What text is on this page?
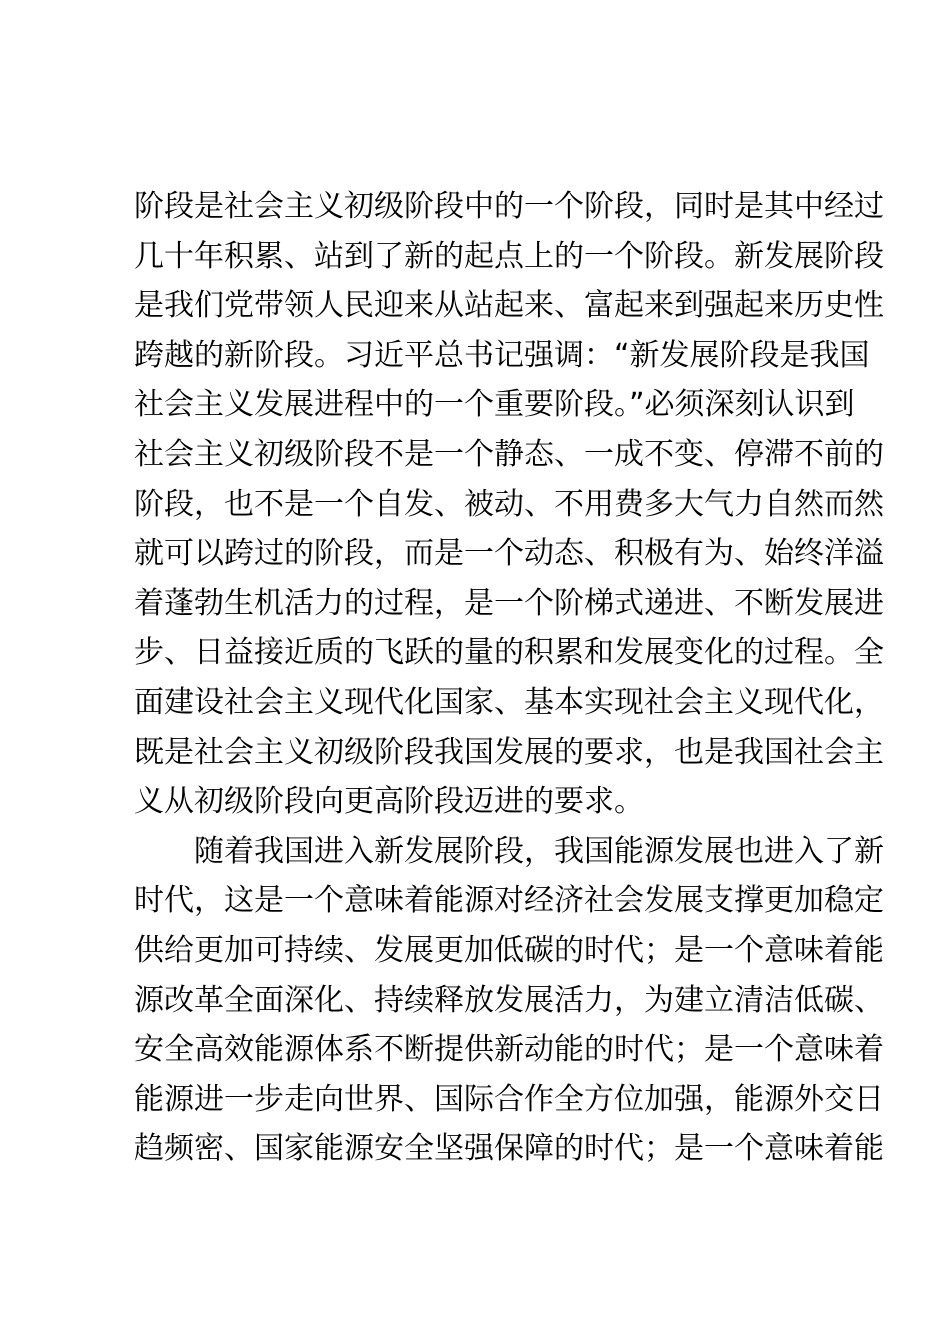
阶段是社会主义初级阶段中的一个阶段，同时是其中经过
几十年积累、站到了新的起点上的一个阶段。新发展阶段
是我们党带领人民迎来从站起来、富起来到强起来历史性
跨越的新阶段。习近平总书记强调：“新发展阶段是我国
社会主义发展进程中的一个重要阶段。”必须深刻认识到
社会主义初级阶段不是一个静态、一成不变、停滞不前的
阶段，也不是一个自发、被动、不用费多大气力自然而然
就可以跨过的阶段，而是一个动态、积极有为、始终洋溢
着蓬勃生机活力的过程，是一个阶梯式递进、不断发展进
步、日益接近质的飞跃的量的积累和发展变化的过程。全
面建设社会主义现代化国家、基本实现社会主义现代化，
既是社会主义初级阶段我国发展的要求，也是我国社会主
义从初级阶段向更高阶段迈进的要求。
随着我国进入新发展阶段，我国能源发展也进入了新
时代，这是一个意味着能源对经济社会发展支撑更加稳定
供给更加可持续、发展更加低碳的时代；是一个意味着能
源改革全面深化、持续释放发展活力，为建立清洁低碳、
安全高效能源体系不断提供新动能的时代；是一个意味着
能源进一步走向世界、国际合作全方位加强，能源外交日
趋频密、国家能源安全坚强保障的时代；是一个意味着能
